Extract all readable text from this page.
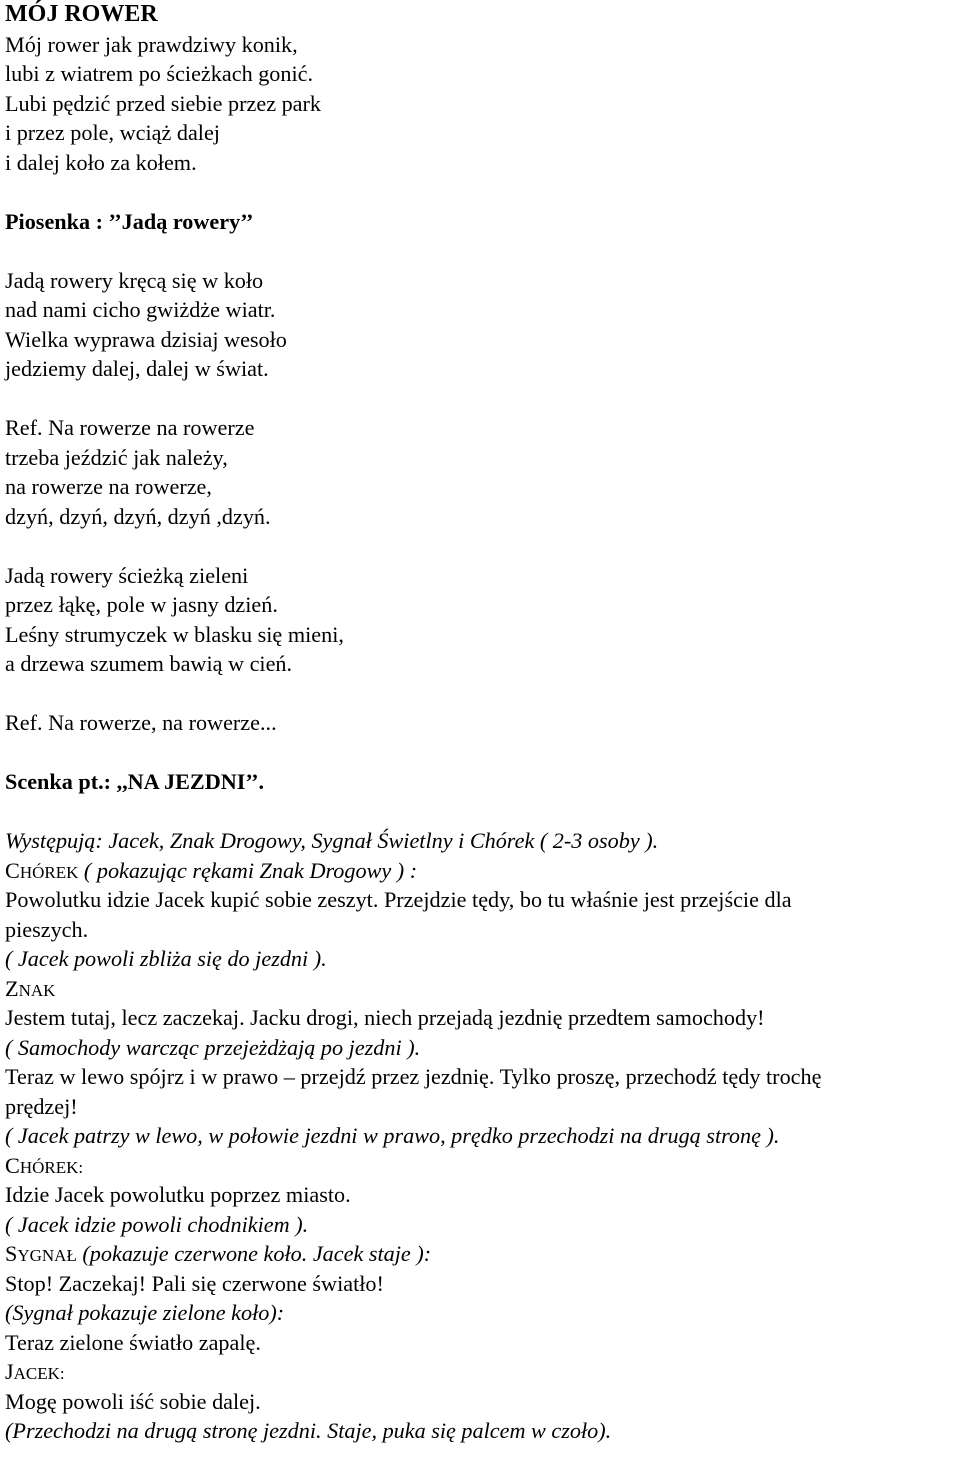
MÓJ ROWER
Mój rower jak prawdziwy konik,
lubi z wiatrem po ścieżkach gonić.
Lubi pędzić przed siebie przez park
i przez pole, wciąż dalej
i dalej koło za kołem.
Piosenka : ’’Jadą rowery’’
Jadą rowery kręcą się w koło
nad nami cicho gwiżdże wiatr.
Wielka wyprawa dzisiaj wesoło
jedziemy dalej, dalej w świat.
Ref. Na rowerze na rowerze
trzeba jeździć jak należy,
na rowerze na rowerze,
dzyń, dzyń, dzyń, dzyń ,dzyń.
Jadą rowery ścieżką zieleni
przez łąkę, pole w jasny dzień.
Leśny strumyczek w blasku się mieni,
a drzewa szumem bawią w cień.
Ref. Na rowerze, na rowerze...
Scenka pt.: ,,NA JEZDNI’’.
Występują: Jacek, Znak Drogowy, Sygnał Świetlny i Chórek ( 2-3 osoby ).
CHÓREK ( pokazując rękami Znak Drogowy ) :
Powolutku idzie Jacek kupić sobie zeszyt. Przejdzie tędy, bo tu właśnie jest przejście dla
pieszych.
( Jacek powoli zbliża się do jezdni ).
ZNAK
Jestem tutaj, lecz zaczekaj. Jacku drogi, niech przejadą jezdnię przedtem samochody!
( Samochody warcząc przejeżdżają po jezdni ).
Teraz w lewo spójrz i w prawo – przejdź przez jezdnię. Tylko proszę, przechodź tędy trochę
prędzej!
( Jacek patrzy w lewo, w połowie jezdni w prawo, prędko przechodzi na drugą stronę ).
CHÓREK:
Idzie Jacek powolutku poprzez miasto.
( Jacek idzie powoli chodnikiem ).
SYGNAŁ (pokazuje czerwone koło. Jacek staje ):
Stop! Zaczekaj! Pali się czerwone światło!
(Sygnał pokazuje zielone koło):
Teraz zielone światło zapalę.
JACEK:
Mogę powoli iść sobie dalej.
(Przechodzi na drugą stronę jezdni. Staje, puka się palcem w czoło).
